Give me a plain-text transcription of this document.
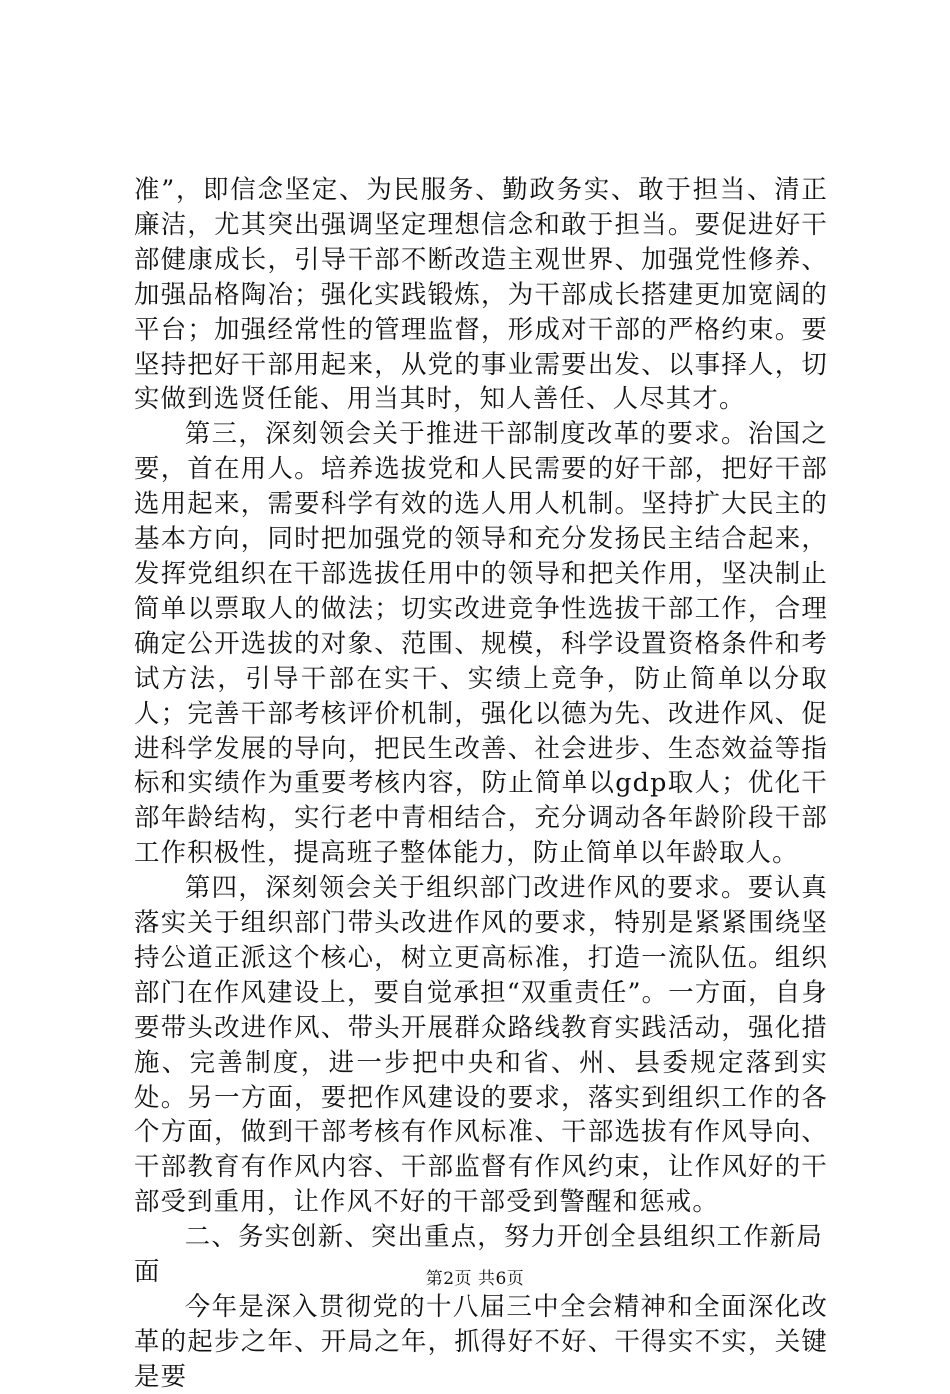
准”，即信念坚定、为民服务、勤政务实、敢于担当、清正廉洁，尤其突出强调坚定理想信念和敢于担当。要促进好干部健康成长，引导干部不断改造主观世界、加强党性修养、加强品格陶冶；强化实践锻炼，为干部成长搭建更加宽阔的平台；加强经常性的管理监督，形成对干部的严格约束。要坚持把好干部用起来，从党的事业需要出发、以事择人，切实做到选贤任能、用当其时，知人善任、人尽其才。

第三，深刻领会关于推进干部制度改革的要求。治国之要，首在用人。培养选拔党和人民需要的好干部，把好干部选用起来，需要科学有效的选人用人机制。坚持扩大民主的基本方向，同时把加强党的领导和充分发扬民主结合起来，发挥党组织在干部选拔任用中的领导和把关作用，坚决制止简单以票取人的做法；切实改进竞争性选拔干部工作，合理确定公开选拔的对象、范围、规模，科学设置资格条件和考试方法，引导干部在实干、实绩上竞争，防止简单以分取人；完善干部考核评价机制，强化以德为先、改进作风、促进科学发展的导向，把民生改善、社会进步、生态效益等指标和实绩作为重要考核内容，防止简单以gdp取人；优化干部年龄结构，实行老中青相结合，充分调动各年龄阶段干部工作积极性，提高班子整体能力，防止简单以年龄取人。

第四，深刻领会关于组织部门改进作风的要求。要认真落实关于组织部门带头改进作风的要求，特别是紧紧围绕坚持公道正派这个核心，树立更高标准，打造一流队伍。组织部门在作风建设上，要自觉承担“双重责任”。一方面，自身要带头改进作风、带头开展群众路线教育实践活动，强化措施、完善制度，进一步把中央和省、州、县委规定落到实处。另一方面，要把作风建设的要求，落实到组织工作的各个方面，做到干部考核有作风标准、干部选拔有作风导向、干部教育有作风内容、干部监督有作风约束，让作风好的干部受到重用，让作风不好的干部受到警醒和惩戒。

二、务实创新、突出重点，努力开创全县组织工作新局面

今年是深入贯彻党的十八届三中全会精神和全面深化改革的起步之年、开局之年，抓得好不好、干得实不实，关键是要

第2页 共6页
